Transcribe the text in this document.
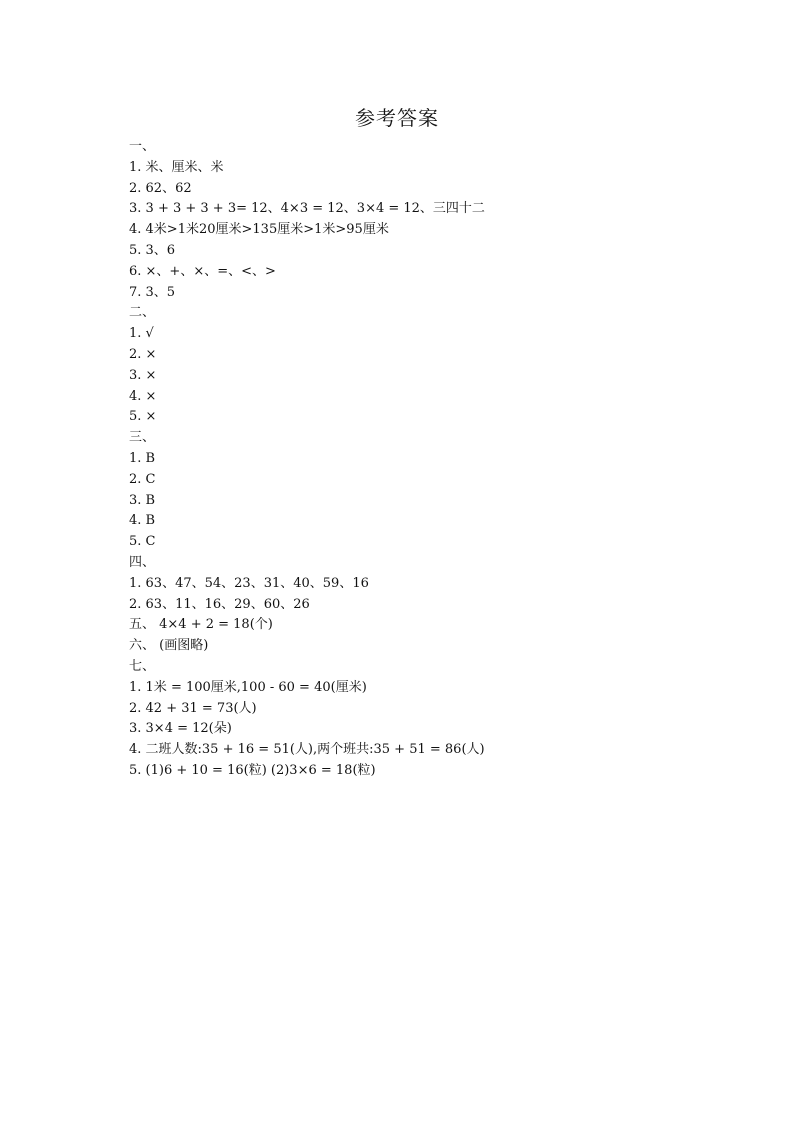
参考答案
一、
1. 米、厘米、米
2. 62、62
3. 3 + 3 + 3 + 3= 12、4×3 = 12、3×4 = 12、三四十二
4. 4米>1米20厘米>135厘米>1米>95厘米
5. 3、6
6. ×、+、×、=、<、>
7. 3、5
二、
1. √
2. ×
3. ×
4. ×
5. ×
三、
1. B
2. C
3. B
4. B
5. C
四、
1. 63、47、54、23、31、40、59、16
2. 63、11、16、29、60、26
五、 4×4 + 2 = 18(个)
六、 (画图略)
七、
1. 1米 = 100厘米,100 - 60 = 40(厘米)
2. 42 + 31 = 73(人)
3. 3×4 = 12(朵)
4. 二班人数:35 + 16 = 51(人),两个班共:35 + 51 = 86(人)
5. (1)6 + 10 = 16(粒) (2)3×6 = 18(粒)
